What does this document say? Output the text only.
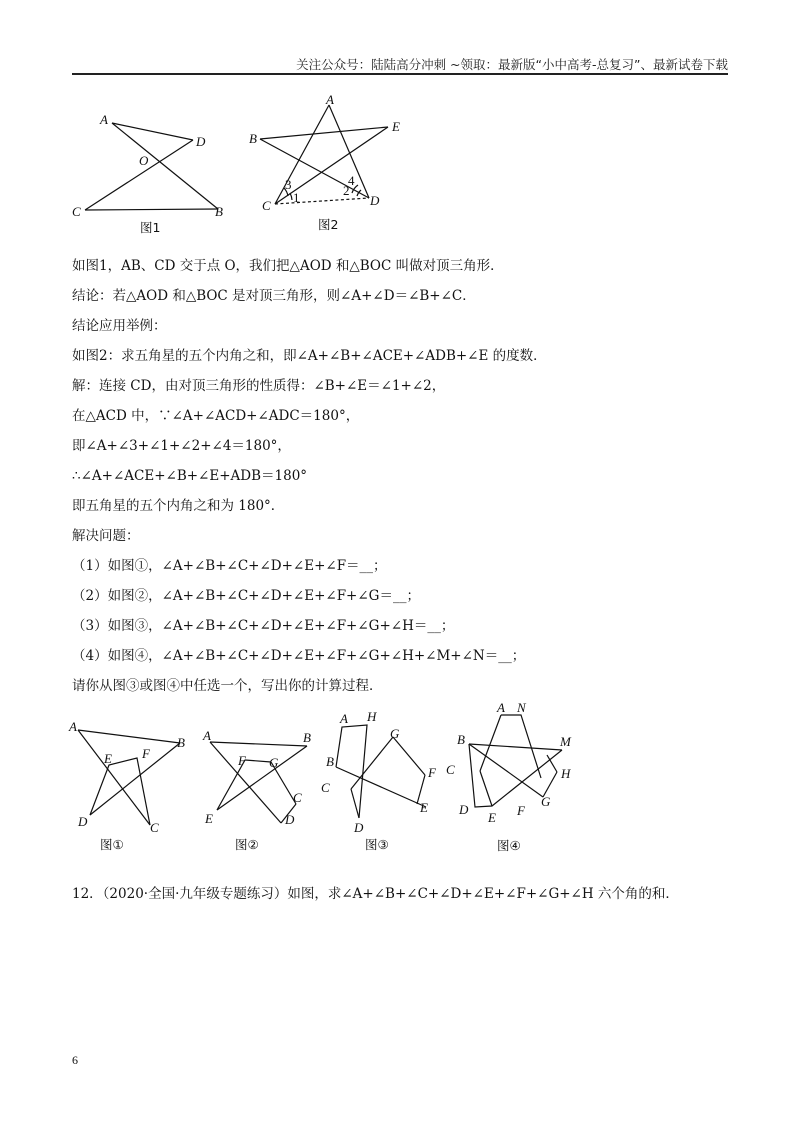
关注公众号：陆陆高分冲刺 ~领取：最新版“小中高考-总复习”、最新试卷下载
A
D
O
C	B
图1
A
B
E
C	D
1	2
3	4
图2
如图1，AB、CD 交于点 O，我们把△AOD 和△BOC 叫做对顶三角形．
结论：若△AOD 和△BOC 是对顶三角形，则∠A+∠D＝∠B+∠C．
结论应用举例：
如图2：求五角星的五个内角之和，即∠A+∠B+∠ACE+∠ADB+∠E 的度数．
解：连接 CD，由对顶三角形的性质得：∠B+∠E＝∠1+∠2，
在△ACD 中，∵∠A+∠ACD+∠ADC＝180°，
即∠A+∠3+∠1+∠2+∠4＝180°，
∴∠A+∠ACE+∠B+∠E+ADB＝180°
即五角星的五个内角之和为 180°．
解决问题：
（1）如图①，∠A+∠B+∠C+∠D+∠E+∠F＝__；
（2）如图②，∠A+∠B+∠C+∠D+∠E+∠F+∠G＝__；
（3）如图③，∠A+∠B+∠C+∠D+∠E+∠F+∠G+∠H＝__；
（4）如图④，∠A+∠B+∠C+∠D+∠E+∠F+∠G+∠H+∠M+∠N＝__；
请你从图③或图④中任选一个，写出你的计算过程．
A
B
E F
D	C
图①
A	B
F G
E
C
D
图②
A H
G
B
F
C
E
D
图③
A N
B	M
C	H
D
E F
G
图④
12．（2020·全国·九年级专题练习）如图，求∠A+∠B+∠C+∠D+∠E+∠F+∠G+∠H 六个角的和．
6
